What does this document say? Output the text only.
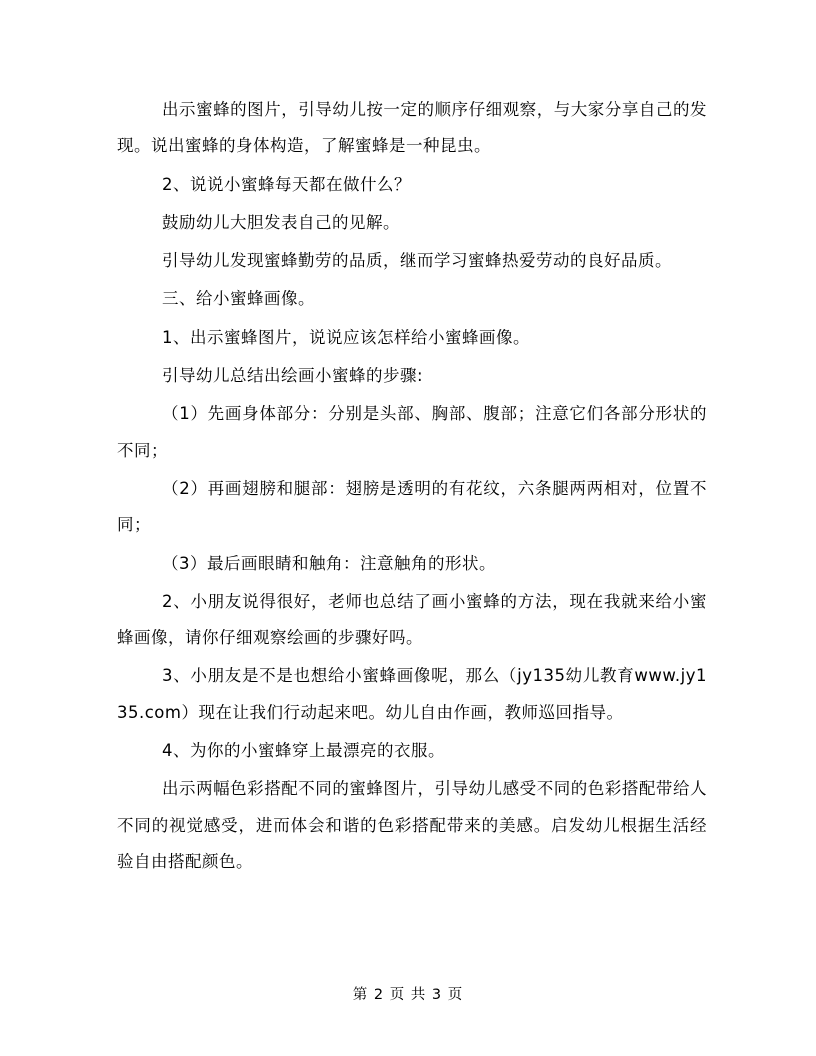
出示蜜蜂的图片，引导幼儿按一定的顺序仔细观察，与大家分享自己的发现。说出蜜蜂的身体构造，了解蜜蜂是一种昆虫。

2、说说小蜜蜂每天都在做什么？

鼓励幼儿大胆发表自己的见解。

引导幼儿发现蜜蜂勤劳的品质，继而学习蜜蜂热爱劳动的良好品质。

三、给小蜜蜂画像。

1、出示蜜蜂图片，说说应该怎样给小蜜蜂画像。

引导幼儿总结出绘画小蜜蜂的步骤:

（1）先画身体部分：分别是头部、胸部、腹部；注意它们各部分形状的不同；

（2）再画翅膀和腿部：翅膀是透明的有花纹，六条腿两两相对，位置不同；

（3）最后画眼睛和触角：注意触角的形状。

2、小朋友说得很好，老师也总结了画小蜜蜂的方法，现在我就来给小蜜蜂画像，请你仔细观察绘画的步骤好吗。

3、小朋友是不是也想给小蜜蜂画像呢，那么（jy135幼儿教育www.jy135.com）现在让我们行动起来吧。幼儿自由作画，教师巡回指导。

4、为你的小蜜蜂穿上最漂亮的衣服。

出示两幅色彩搭配不同的蜜蜂图片，引导幼儿感受不同的色彩搭配带给人不同的视觉感受，进而体会和谐的色彩搭配带来的美感。启发幼儿根据生活经验自由搭配颜色。

第 2 页 共 3 页
